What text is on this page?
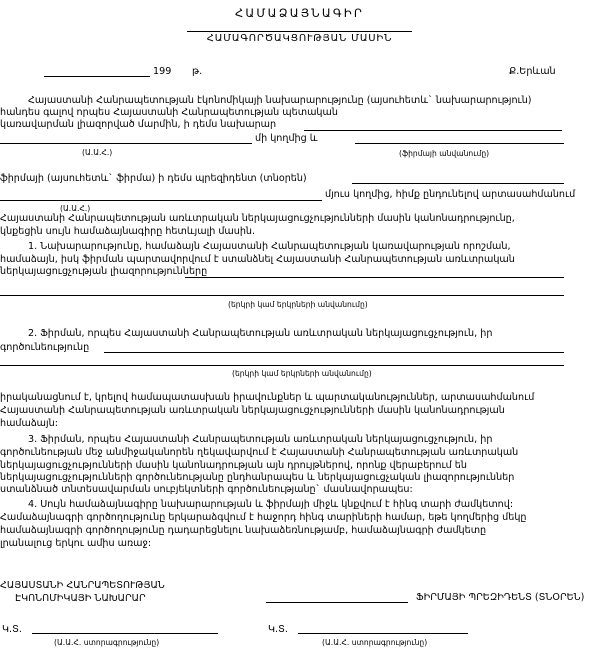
ՀԱՄԱՁԱՅՆԱԳԻՐ
ՀԱՄԱԳՈՐԾԱԿՑՈՒԹՅԱՆ ՄԱՍԻՆ
199 թ.	Ք.Երևան
Հայաստանի Հանրապետության էկոնոմիկայի նախարարությունը (այսուհետև` նախարարություն)
հանդես գալով որպես Հայաստանի Հանրապետության պետական
կառավարման լիազորված մարմին, ի դեմս նախարար
մի կողմից և
(Ա.Ա.Հ.)	(ֆիրմայի անվանումը)
ֆիրմայի (այսուհետև` ֆիրմա) ի դեմս պրեզիդենտ (տնօրեն)
մյուս կողմից, հիմք ընդունելով արտասահմանում
(Ա.Ա.Հ.)
Հայաստանի Հանրապետության առևտրական ներկայացուցչությունների մասին կանոնադրությունը,
կնքեցին սույն համաձայնագիրը հետևյալի մասին.
1. Նախարարությունը, համաձայն Հայաստանի Հանրապետության կառավարության որոշման,
համաձայն, իսկ ֆիրման պարտավորվում է ստանձնել Հայաստանի Հանրապետության առևտրական
ներկայացուցչության լիազորությունները
(երկրի կամ երկրների անվանումը)
2. Ֆիրման, որպես Հայաստանի Հանրապետության առևտրական ներկայացուցչություն, իր
գործունեությունը
(երկրի կամ երկրների անվանումը)
իրականացնում է, կրելով համապատասխան իրավունքներ և պարտականություններ, արտասահմանում
Հայաստանի Հանրապետության առևտրական ներկայացուցչությունների մասին կանոնադրության
համաձայն:
3. Ֆիրման, որպես Հայաստանի Հանրապետության առևտրական ներկայացուցչություն, իր
գործունեության մեջ անմիջականորեն ղեկավարվում է Հայաստանի Հանրապետության առևտրական
ներկայացուցչությունների մասին կանոնադրության այն դրույթներով, որոնք վերաբերում են
ներկայացուցչությունների գործունեությանը ընդհանրապես և ներկայացուցչական լիազորություններ
ստանձնած տնտեսավարման սուբյեկտների գործունեությանը` մասնավորապես:
4. Սույն համաձայնագիրը նախարարության և ֆիրմայի միջև կնքվում է հինգ տարի ժամկետով:
Համաձայնագրի գործողությունը երկարաձգվում է հաջորդ հինգ տարիների համար, եթե կողմերից մեկը
համաձայնագրի գործողությունը դադարեցնելու նախաձեռնությամբ, համաձայնագրի ժամկետը
լրանալուց երկու ամիս առաջ:
ՀԱՅԱՍՏԱՆԻ ՀԱՆՐԱՊԵՏՈՒԹՅԱՆ
ԷԿՈՆՈՄԻԿԱՅԻ ՆԱԽԱՐԱՐ	ՖԻՐՄԱՅԻ ՊՐԵԶԻԴԵՆՏ (ՏՆՕՐԵՆ)
Կ.Տ.
(Ա.Ա.Հ. ստորագրությունը)
Կ.Տ.
(Ա.Ա.Հ. ստորագրությունը)
